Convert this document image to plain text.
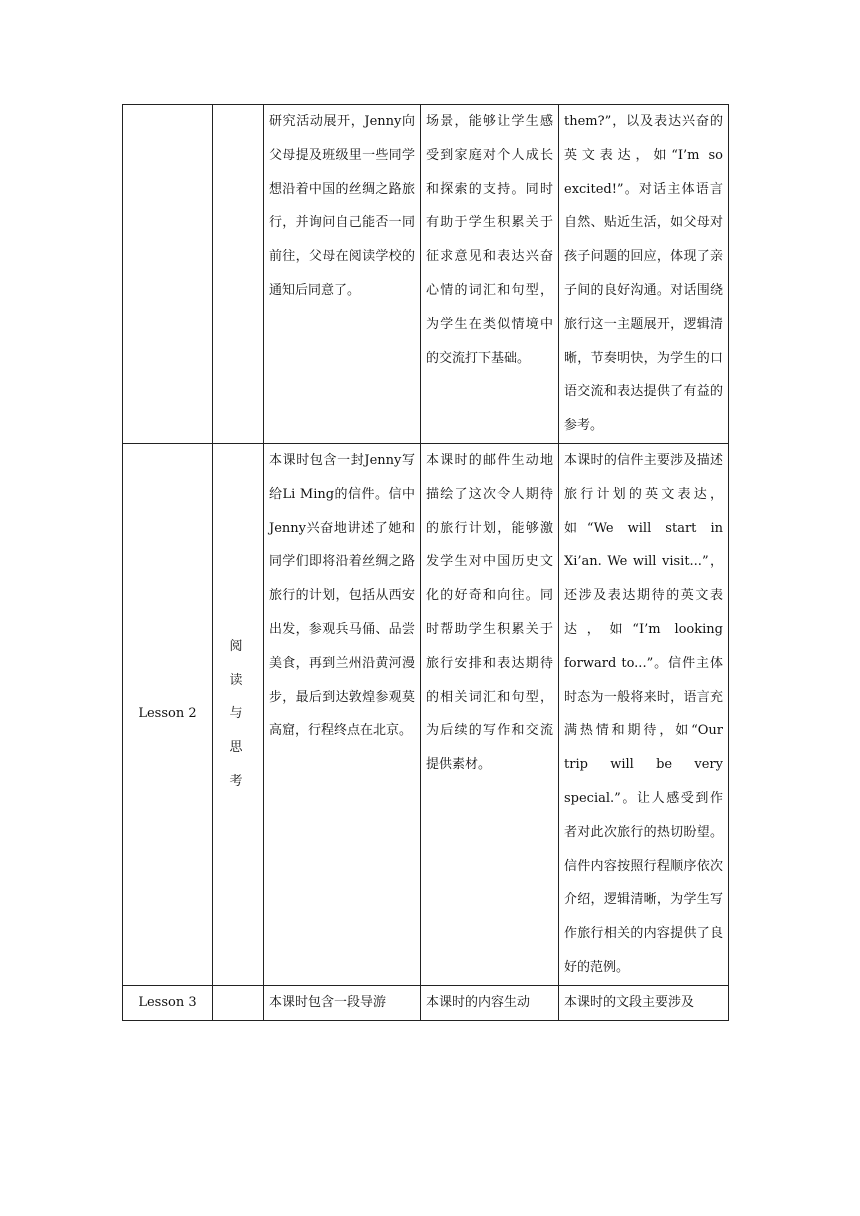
		研究活动展开，Jenny向父母提及班级里一些同学想沿着中国的丝绸之路旅行，并询问自己能否一同前往，父母在阅读学校的通知后同意了。	场景，能够让学生感受到家庭对个人成长和探索的支持。同时有助于学生积累关于征求意见和表达兴奋心情的词汇和句型，为学生在类似情境中的交流打下基础。	them?”，以及表达兴奋的英文表达，如“I’m so excited!”。对话主体语言自然、贴近生活，如父母对孩子问题的回应，体现了亲子间的良好沟通。对话围绕旅行这一主题展开，逻辑清晰，节奏明快，为学生的口语交流和表达提供了有益的参考。

Lesson 2	阅读与思考	本课时包含一封Jenny写给Li Ming的信件。信中Jenny兴奋地讲述了她和同学们即将沿着丝绸之路旅行的计划，包括从西安出发，参观兵马俑、品尝美食，再到兰州沿黄河漫步，最后到达敦煌参观莫高窟，行程终点在北京。	本课时的邮件生动地描绘了这次令人期待的旅行计划，能够激发学生对中国历史文化的好奇和向往。同时帮助学生积累关于旅行安排和表达期待的相关词汇和句型，为后续的写作和交流提供素材。	本课时的信件主要涉及描述旅行计划的英文表达，如“We will start in Xi’an. We will visit...”，还涉及表达期待的英文表达，如“I’m looking forward to...”。信件主体时态为一般将来时，语言充满热情和期待，如“Our trip will be very special.”。让人感受到作者对此次旅行的热切盼望。信件内容按照行程顺序依次介绍，逻辑清晰，为学生写作旅行相关的内容提供了良好的范例。

Lesson 3		本课时包含一段导游	本课时的内容生动	本课时的文段主要涉及
